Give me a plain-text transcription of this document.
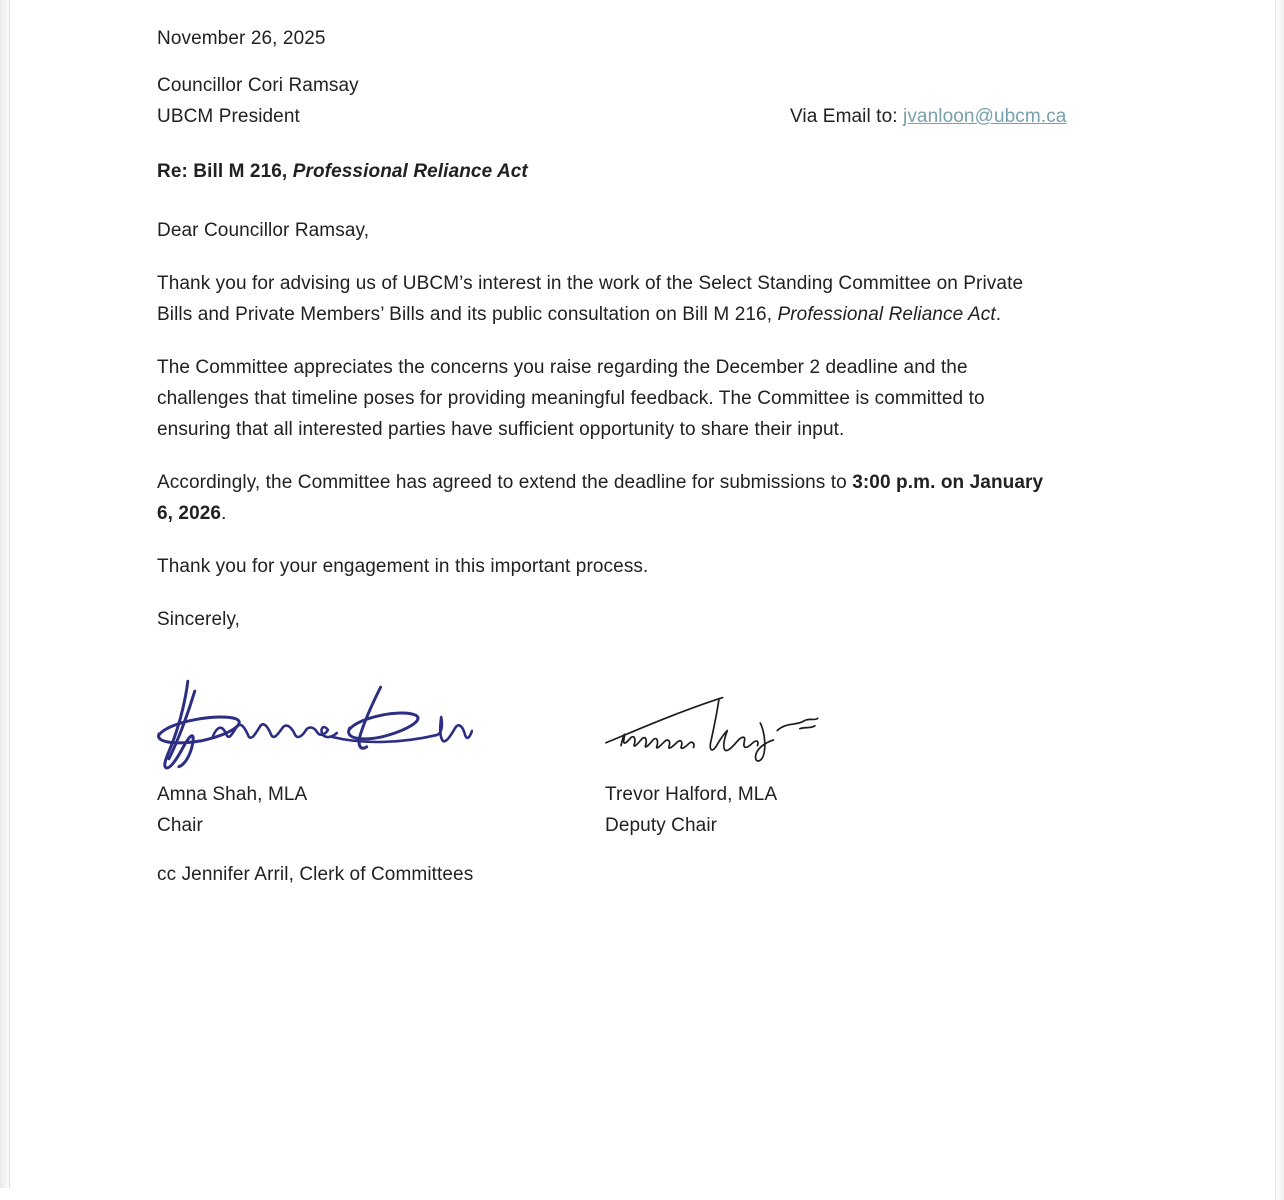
November 26, 2025
Councillor Cori Ramsay
UBCM President	Via Email to: jvanloon@ubcm.ca
Re: Bill M 216, Professional Reliance Act

Dear Councillor Ramsay,

Thank you for advising us of UBCM’s interest in the work of the Select Standing Committee on Private
Bills and Private Members’ Bills and its public consultation on Bill M 216, Professional Reliance Act.
The Committee appreciates the concerns you raise regarding the December 2 deadline and the
challenges that timeline poses for providing meaningful feedback. The Committee is committed to
ensuring that all interested parties have sufficient opportunity to share their input.
Accordingly, the Committee has agreed to extend the deadline for submissions to 3:00 p.m. on January
6, 2026.

Thank you for your engagement in this important process.

Sincerely,

Amna Shah, MLA
Chair
Trevor Halford, MLA
Deputy Chair

cc Jennifer Arril, Clerk of Committees
